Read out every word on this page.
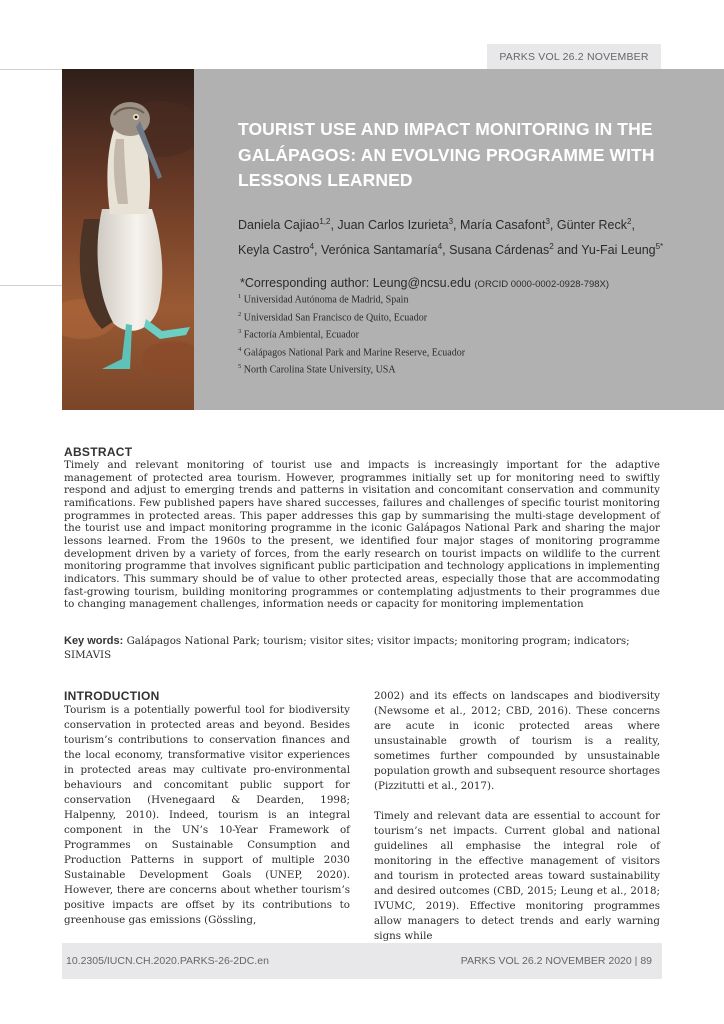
PARKS VOL 26.2 NOVEMBER
TOURIST USE AND IMPACT MONITORING IN THE GALÁPAGOS: AN EVOLVING PROGRAMME WITH LESSONS LEARNED
Daniela Cajiao$^{1,2}$, Juan Carlos Izurieta$^3$, María Casafont$^3$, Günter Reck$^2$,
Keyla Castro$^4$, Verónica Santamaría$^4$, Susana Cárdenas$^2$ and Yu-Fai Leung$^{5*}$
*Corresponding author: Leung@ncsu.edu (ORCID 0000-0002-0928-798X)
$^1$ Universidad Autónoma de Madrid, Spain
$^2$ Universidad San Francisco de Quito, Ecuador
$^3$ Factoría Ambiental, Ecuador
$^4$ Galápagos National Park and Marine Reserve, Ecuador
$^5$ North Carolina State University, USA
ABSTRACT

Timely and relevant monitoring of tourist use and impacts is increasingly important for the adaptive management of protected area tourism. However, programmes initially set up for monitoring need to swiftly respond and adjust to emerging trends and patterns in visitation and concomitant conservation and community ramifications. Few published papers have shared successes, failures and challenges of specific tourist monitoring programmes in protected areas. This paper addresses this gap by summarising the multi-stage development of the tourist use and impact monitoring programme in the iconic Galápagos National Park and sharing the major lessons learned. From the 1960s to the present, we identified four major stages of monitoring programme development driven by a variety of forces, from the early research on tourist impacts on wildlife to the current monitoring programme that involves significant public participation and technology applications in implementing indicators. This summary should be of value to other protected areas, especially those that are accommodating fast-growing tourism, building monitoring programmes or contemplating adjustments to their programmes due to changing management challenges, information needs or capacity for monitoring implementation

Key words: Galápagos National Park; tourism; visitor sites; visitor impacts; monitoring program; indicators; SIMAVIS

INTRODUCTION

Tourism is a potentially powerful tool for biodiversity conservation in protected areas and beyond. Besides tourism’s contributions to conservation finances and the local economy, transformative visitor experiences in protected areas may cultivate pro-environmental behaviours and concomitant public support for conservation (Hvenegaard & Dearden, 1998; Halpenny, 2010). Indeed, tourism is an integral component in the UN’s 10-Year Framework of Programmes on Sustainable Consumption and Production Patterns in support of multiple 2030 Sustainable Development Goals (UNEP, 2020). However, there are concerns about whether tourism’s positive impacts are offset by its contributions to greenhouse gas emissions (Gössling,

2002) and its effects on landscapes and biodiversity (Newsome et al., 2012; CBD, 2016). These concerns are acute in iconic protected areas where unsustainable growth of tourism is a reality, sometimes further compounded by unsustainable population growth and subsequent resource shortages (Pizzitutti et al., 2017).

Timely and relevant data are essential to account for tourism’s net impacts. Current global and national guidelines all emphasise the integral role of monitoring in the effective management of visitors and tourism in protected areas toward sustainability and desired outcomes (CBD, 2015; Leung et al., 2018; IVUMC, 2019). Effective monitoring programmes allow managers to detect trends and early warning signs while

10.2305/IUCN.CH.2020.PARKS-26-2DC.en	PARKS VOL 26.2 NOVEMBER 2020 | 89
